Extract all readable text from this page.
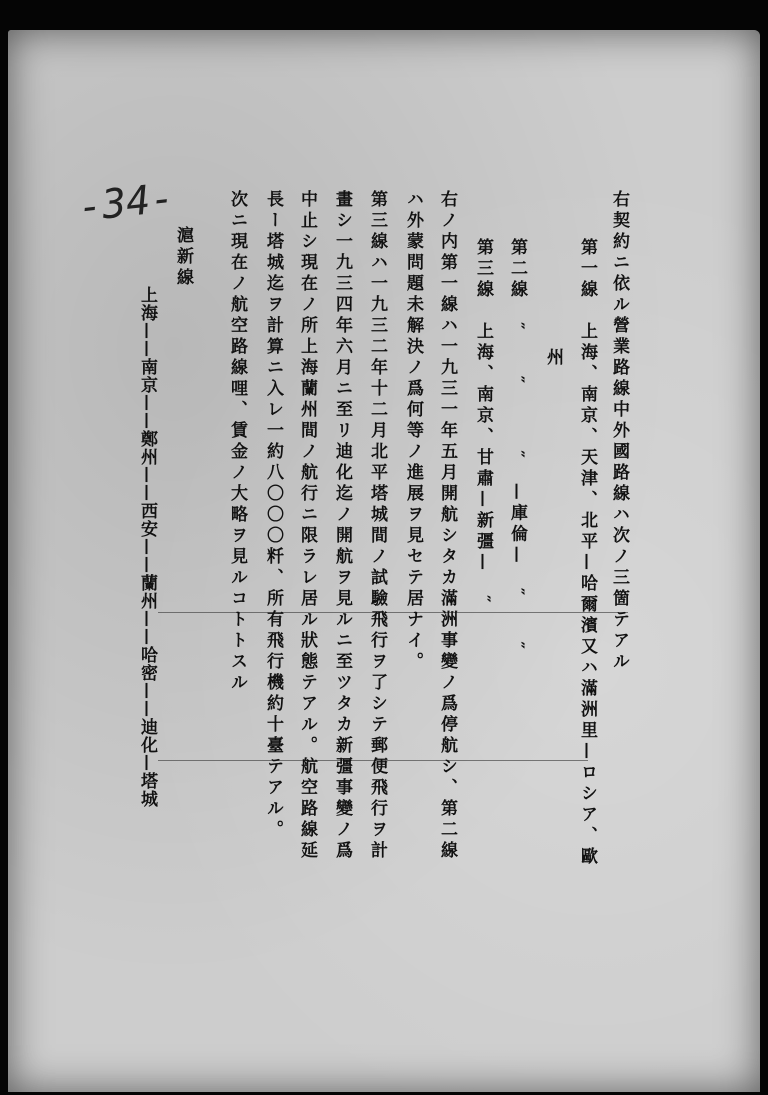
-34-	右契約ニ依ル營業路線中外國路線ハ次ノ三箇テアル
第一線　上海、南京、天津、北平—哈爾濱又ハ滿洲里—ロシア、歐
州
第二線　″　　″　　　″　—庫倫—　″　　″
第三線　上海、南京、甘肅—新彊—　″
右ノ内第一線ハ一九三一年五月開航シタカ滿洲事變ノ爲停航シ、第二線
ハ外蒙問題未解決ノ爲何等ノ進展ヲ見セテ居ナイ。
第三線ハ一九三二年十二月北平塔城間ノ試驗飛行ヲ了シテ郵便飛行ヲ計
畫シ一九三四年六月ニ至リ迪化迄ノ開航ヲ見ルニ至ツタカ新彊事變ノ爲
中止シ現在ノ所上海蘭州間ノ航行ニ限ラレ居ル狀態テアル。航空路線延
長ー塔城迄ヲ計算ニ入レ一約八〇〇〇粁、所有飛行機約十臺テアル。
次ニ現在ノ航空路線哩、賃金ノ大略ヲ見ルコトトスル
滬新線
上海——南京——鄭州——西安——蘭州——哈密——迪化—塔城
